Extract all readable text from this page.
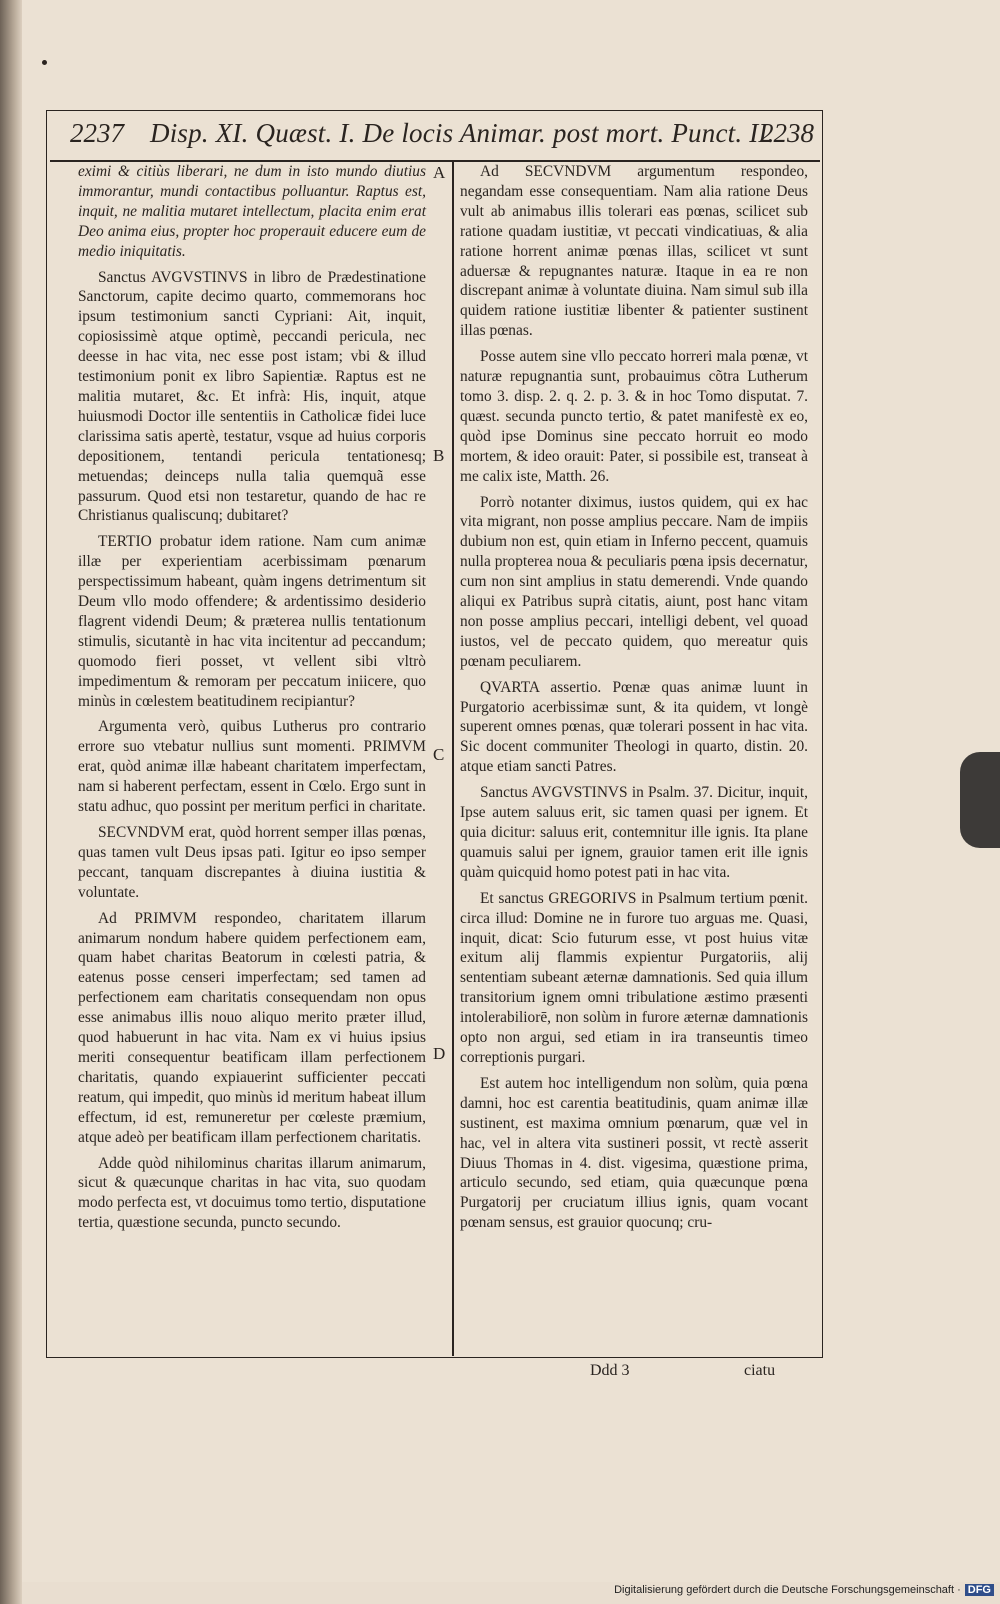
2237 Disp. XI. Quæst. I. De locis Animar. post mort. Punct. II.
2238
A
B
C
D

eximi & citiùs liberari, ne dum in isto mundo diutius immorantur, mundi contactibus polluantur. Raptus est, inquit, ne malitia mutaret intellectum, placita enim erat Deo anima eius, propter hoc properauit educere eum de medio iniquitatis.

Sanctus AVGVSTINVS in libro de Prædestinatione Sanctorum, capite decimo quarto, commemorans hoc ipsum testimonium sancti Cypriani: Ait, inquit, copiosissimè atque optimè, peccandi pericula, nec deesse in hac vita, nec esse post istam; vbi & illud testimonium ponit ex libro Sapientiæ. Raptus est ne malitia mutaret, &c. Et infrà: His, inquit, atque huiusmodi Doctor ille sententiis in Catholicæ fidei luce clarissima satis apertè, testatur, vsque ad huius corporis depositionem, tentandi pericula tentationesq; metuendas; deinceps nulla talia quemquã esse passurum. Quod etsi non testaretur, quando de hac re Christianus qualiscunq; dubitaret?

TERTIO probatur idem ratione. Nam cum animæ illæ per experientiam acerbissimam pœnarum perspectissimum habeant, quàm ingens detrimentum sit Deum vllo modo offendere; & ardentissimo desiderio flagrent videndi Deum; & præterea nullis tentationum stimulis, sicutantè in hac vita incitentur ad peccandum; quomodo fieri posset, vt vellent sibi vltrò impedimentum & remoram per peccatum iniicere, quo minùs in cœlestem beatitudinem recipiantur?

Argumenta verò, quibus Lutherus pro contrario errore suo vtebatur nullius sunt momenti. PRIMVM erat, quòd animæ illæ habeant charitatem imperfectam, nam si haberent perfectam, essent in Cœlo. Ergo sunt in statu adhuc, quo possint per meritum perfici in charitate.

SECVNDVM erat, quòd horrent semper illas pœnas, quas tamen vult Deus ipsas pati. Igitur eo ipso semper peccant, tanquam discrepantes à diuina iustitia & voluntate.

Ad PRIMVM respondeo, charitatem illarum animarum nondum habere quidem perfectionem eam, quam habet charitas Beatorum in cœlesti patria, & eatenus posse censeri imperfectam; sed tamen ad perfectionem eam charitatis consequendam non opus esse animabus illis nouo aliquo merito præter illud, quod habuerunt in hac vita. Nam ex vi huius ipsius meriti consequentur beatificam illam perfectionem charitatis, quando expiauerint sufficienter peccati reatum, qui impedit, quo minùs id meritum habeat illum effectum, id est, remuneretur per cœleste præmium, atque adeò per beatificam illam perfectionem charitatis.

Adde quòd nihilominus charitas illarum animarum, sicut & quæcunque charitas in hac vita, suo quodam modo perfecta est, vt docuimus tomo tertio, disputatione tertia, quæstione secunda, puncto secundo.

Ad SECVNDVM argumentum respondeo, negandam esse consequentiam. Nam alia ratione Deus vult ab animabus illis tolerari eas pœnas, scilicet sub ratione quadam iustitiæ, vt peccati vindicatiuas, & alia ratione horrent animæ pœnas illas, scilicet vt sunt aduersæ & repugnantes naturæ. Itaque in ea re non discrepant animæ à voluntate diuina. Nam simul sub illa quidem ratione iustitiæ libenter & patienter sustinent illas pœnas.

Posse autem sine vllo peccato horreri mala pœnæ, vt naturæ repugnantia sunt, probauimus cõtra Lutherum tomo 3. disp. 2. q. 2. p. 3. & in hoc Tomo disputat. 7. quæst. secunda puncto tertio, & patet manifestè ex eo, quòd ipse Dominus sine peccato horruit eo modo mortem, & ideo orauit: Pater, si possibile est, transeat à me calix iste, Matth. 26.

Porrò notanter diximus, iustos quidem, qui ex hac vita migrant, non posse amplius peccare. Nam de impiis dubium non est, quin etiam in Inferno peccent, quamuis nulla propterea noua & peculiaris pœna ipsis decernatur, cum non sint amplius in statu demerendi. Vnde quando aliqui ex Patribus suprà citatis, aiunt, post hanc vitam non posse amplius peccari, intelligi debent, vel quoad iustos, vel de peccato quidem, quo mereatur quis pœnam peculiarem.

QVARTA assertio. Pœnæ quas animæ luunt in Purgatorio acerbissimæ sunt, & ita quidem, vt longè superent omnes pœnas, quæ tolerari possent in hac vita. Sic docent communiter Theologi in quarto, distin. 20. atque etiam sancti Patres.

Sanctus AVGVSTINVS in Psalm. 37. Dicitur, inquit, Ipse autem saluus erit, sic tamen quasi per ignem. Et quia dicitur: saluus erit, contemnitur ille ignis. Ita plane quamuis salui per ignem, grauior tamen erit ille ignis quàm quicquid homo potest pati in hac vita.

Et sanctus GREGORIVS in Psalmum tertium pœnit. circa illud: Domine ne in furore tuo arguas me. Quasi, inquit, dicat: Scio futurum esse, vt post huius vitæ exitum alij flammis expientur Purgatoriis, alij sententiam subeant æternæ damnationis. Sed quia illum transitorium ignem omni tribulatione æstimo præsenti intolerabiliorē, non solùm in furore æternæ damnationis opto non argui, sed etiam in ira transeuntis timeo correptionis purgari.

Est autem hoc intelligendum non solùm, quia pœna damni, hoc est carentia beatitudinis, quam animæ illæ sustinent, est maxima omnium pœnarum, quæ vel in hac, vel in altera vita sustineri possit, vt rectè asserit Diuus Thomas in 4. dist. vigesima, quæstione prima, articulo secundo, sed etiam, quia quæcunque pœna Purgatorij per cruciatum illius ignis, quam vocant pœnam sensus, est grauior quocunq; cru-

Ddd 3	ciatu
Digitalisierung gefördert durch die Deutsche Forschungsgemeinschaft · DFG
